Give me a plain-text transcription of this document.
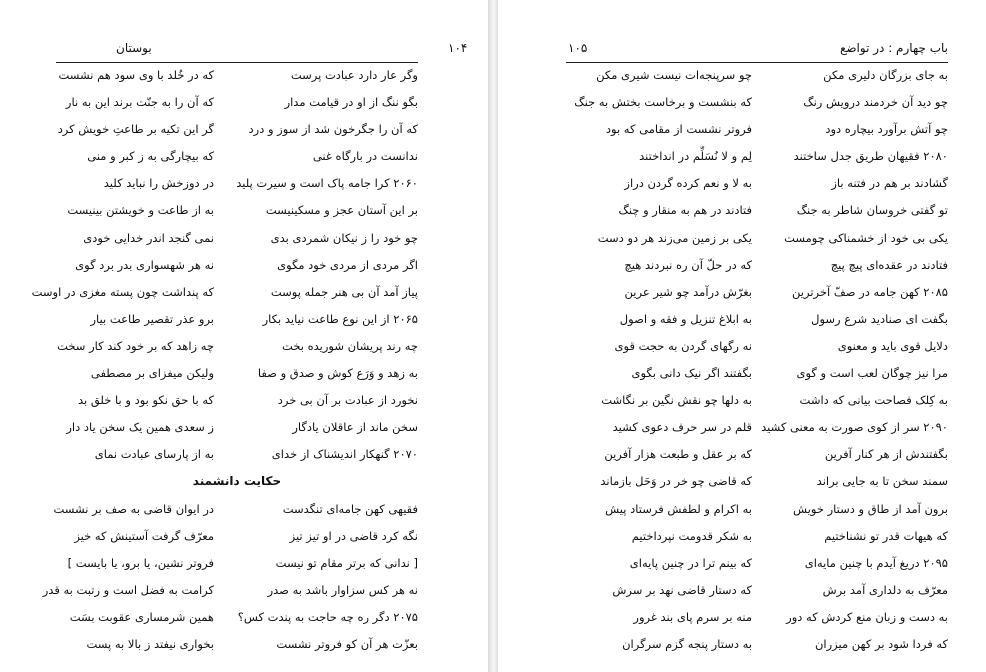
بوستان	۱۰۴
وگر عار دارد عبادت پرست
که در خُلد با وی سود هم نشست
بگو ننگ از او در قیامت مدار
که آن را به جنّت برند این به نار
که آن را جگرخون شد از سوز و درد
گر این تکیه بر طاعتِ خویش کرد
ندانست در بارگاه غنی
که بیچارگی به ز کبر و منی
۲۰۶۰ کرا جامه پاک است و سیرت پلید
در دوزخش را نباید کلید
بر این آستان عجز و مسکینیست
به از طاعت و خویشتن بینیست
چو خود را ز نیکان شمردی بدی
نمی گنجد اندر خدایی خودی
اگر مردی از مردی خود مگوی
نه هر شهسواری بدر برد گوی
پیاز آمد آن بی هنر جمله پوست
که پنداشت چون پسته مغزی در اوست
۲۰۶۵ از این نوع طاعت نیاید بکار
برو عذر تقصیر طاعت بیار
چه رند پریشان شوریده بخت
چه زاهد که بر خود کند کار سخت
به زهد و وَرَع کوش و صدق و صفا
ولیکن میفزای بر مصطفی
نخورد از عبادت بر آن بی خرد
که با حق نکو بود و با خلق بد
سخن ماند از عاقلان یادگار
ز سعدی همین یک سخن یاد دار
۲۰۷۰ گنهکار اندیشناک از خدای
به از پارسای عبادت نمای
حکایت دانشمند
فقیهی کهن جامه‌ای تنگدست
در ایوان قاضی به صف بر نشست
نگه کرد قاضی در او تیز تیز
معرّف گرفت آستینش که خیز
[ ندانی که برتر مقام تو نیست
فروتر نشین، یا برو، یا بایست ]
نه هر کس سزاوار باشد به صدر
کرامت به فضل است و رتبت به قدر
۲۰۷۵ دگر ره چه حاجت به پندت کس؟
همین شرمساری عقوبت بسَت
بعزّت هر آن کو فروتر نشست
بخواری نیفتد ز بالا به پست
باب چهارم : در تواضع
۱۰۵
به جای بزرگان دلیری مکن
چو سرپنجه‌ات نیست شیری مکن
چو دید آن خردمند درویش رنگ
که بنشست و برخاست بختش به جنگ
چو آتش برآورد بیچاره دود
فروتر نشست از مقامی که بود
۲۰۸۰ فقیهان طریق جدل ساختند
لِم و لا نُسَلِّم در انداختند
گشادند بر هم در فتنه باز
به لا و نعم کرده گردن دراز
تو گفتی خروسان شاطر به جنگ
فتادند در هم به منقار و چنگ
یکی بی خود از خشمناکی چومست
یکی بر زمین می‌زند هر دو دست
فتادند در عقده‌ای پیچ پیچ
که در حلّ آن ره نبردند هیچ
۲۰۸۵ کهن جامه در صفّ آخرترین
بغرّش درآمد چو شیر عرین
بگفت ای صنادید شرع رسول
به ابلاغ تنزیل و فقه و اصول
دلایل قوی باید و معنوی
نه رگهای گردن به حجت قوی
مرا نیز چوگان لعب است و گوی
بگفتند اگر نیک دانی بگوی
به کِلک فصاحت بیانی که داشت
به دلها چو نقش نگین بر نگاشت
۲۰۹۰ سر از کوی صورت به معنی کشید
قلم در سر حرف دعوی کشید
بگفتندش از هر کنار آفرین
که بر عقل و طبعت هزار آفرین
سمند سخن تا به جایی براند
که قاضی چو خر در وَحَل بازماند
برون آمد از طاق و دستار خویش
به اکرام و لطفش فرستاد پیش
که هیهات قدر تو نشناختیم
به شکر قدومت نپرداختیم
۲۰۹۵ دریغ آیدم با چنین مایه‌ای
که بینم ترا در چنین پایه‌ای
معرّف به دلداری آمد برش
که دستار قاضی نهد بر سرش
به دست و زبان منع کردش که دور
منه بر سرم پای بند غرور
که فردا شود بر کهن میزران
به دستار پنجه گزم سرگران
